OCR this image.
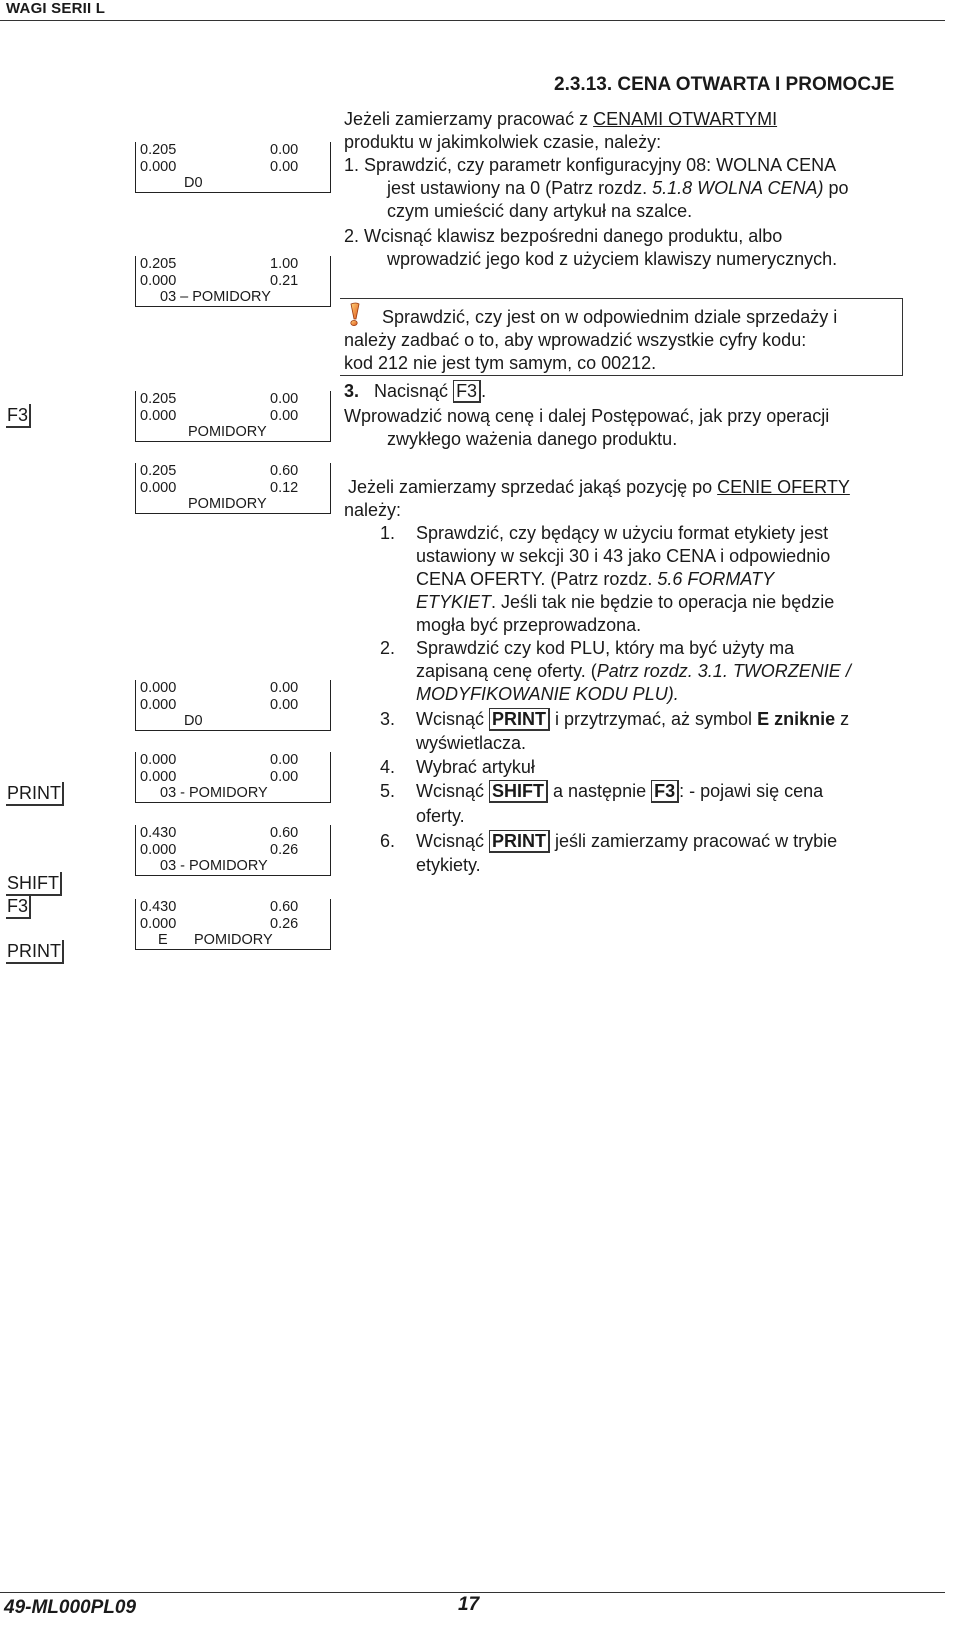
WAGI SERII L
F3
PRINT
SHIFT
F3
PRINT
0.205	0.00
0.000	0.00
D0
0.205	1.00
0.000	0.21
03 – POMIDORY
0.205	0.00
0.000	0.00
POMIDORY
0.205	0.60
0.000	0.12
POMIDORY
0.000	0.00
0.000	0.00
D0
0.000	0.00
0.000	0.00
03 - POMIDORY
0.430	0.60
0.000	0.26
03 - POMIDORY
0.430	0.60
0.000	0.26
E POMIDORY
2.3.13. CENA OTWARTA I PROMOCJE
Jeżeli zamierzamy pracować z CENAMI OTWARTYMI
produktu w jakimkolwiek czasie, należy:
1. Sprawdzić, czy parametr konfiguracyjny 08: WOLNA CENA
jest ustawiony na 0 (Patrz rozdz. 5.1.8 WOLNA CENA) po
czym umieścić dany artykuł na szalce.
2. Wcisnąć klawisz bezpośredni danego produktu, albo
wprowadzić jego kod z użyciem klawiszy numerycznych.
Sprawdzić, czy jest on w odpowiednim dziale sprzedaży i
należy zadbać o to, aby wprowadzić wszystkie cyfry kodu:
kod 212 nie jest tym samym, co 00212.
3. Nacisnąć F3 .
Wprowadzić nową cenę i dalej Postępować, jak przy operacji
zwykłego ważenia danego produktu.
Jeżeli zamierzamy sprzedać jakąś pozycję po CENIE OFERTY
należy:
1. Sprawdzić, czy będący w użyciu format etykiety jest
ustawiony w sekcji 30 i 43 jako CENA i odpowiednio
CENA OFERTY. (Patrz rozdz. 5.6 FORMATY
ETYKIET. Jeśli tak nie będzie to operacja nie będzie
mogła być przeprowadzona.
2. Sprawdzić czy kod PLU, który ma być użyty ma
zapisaną cenę oferty. (Patrz rozdz. 3.1. TWORZENIE /
MODYFIKOWANIE KODU PLU).
3. Wcisnąć PRINT i przytrzymać, aż symbol E zniknie z
wyświetlacza.
4. Wybrać artykuł
5. Wcisnąć SHIFT a następnie F3 : - pojawi się cena
oferty.
6. Wcisnąć PRINT jeśli zamierzamy pracować w trybie
etykiety.
49-ML000PL09	17
